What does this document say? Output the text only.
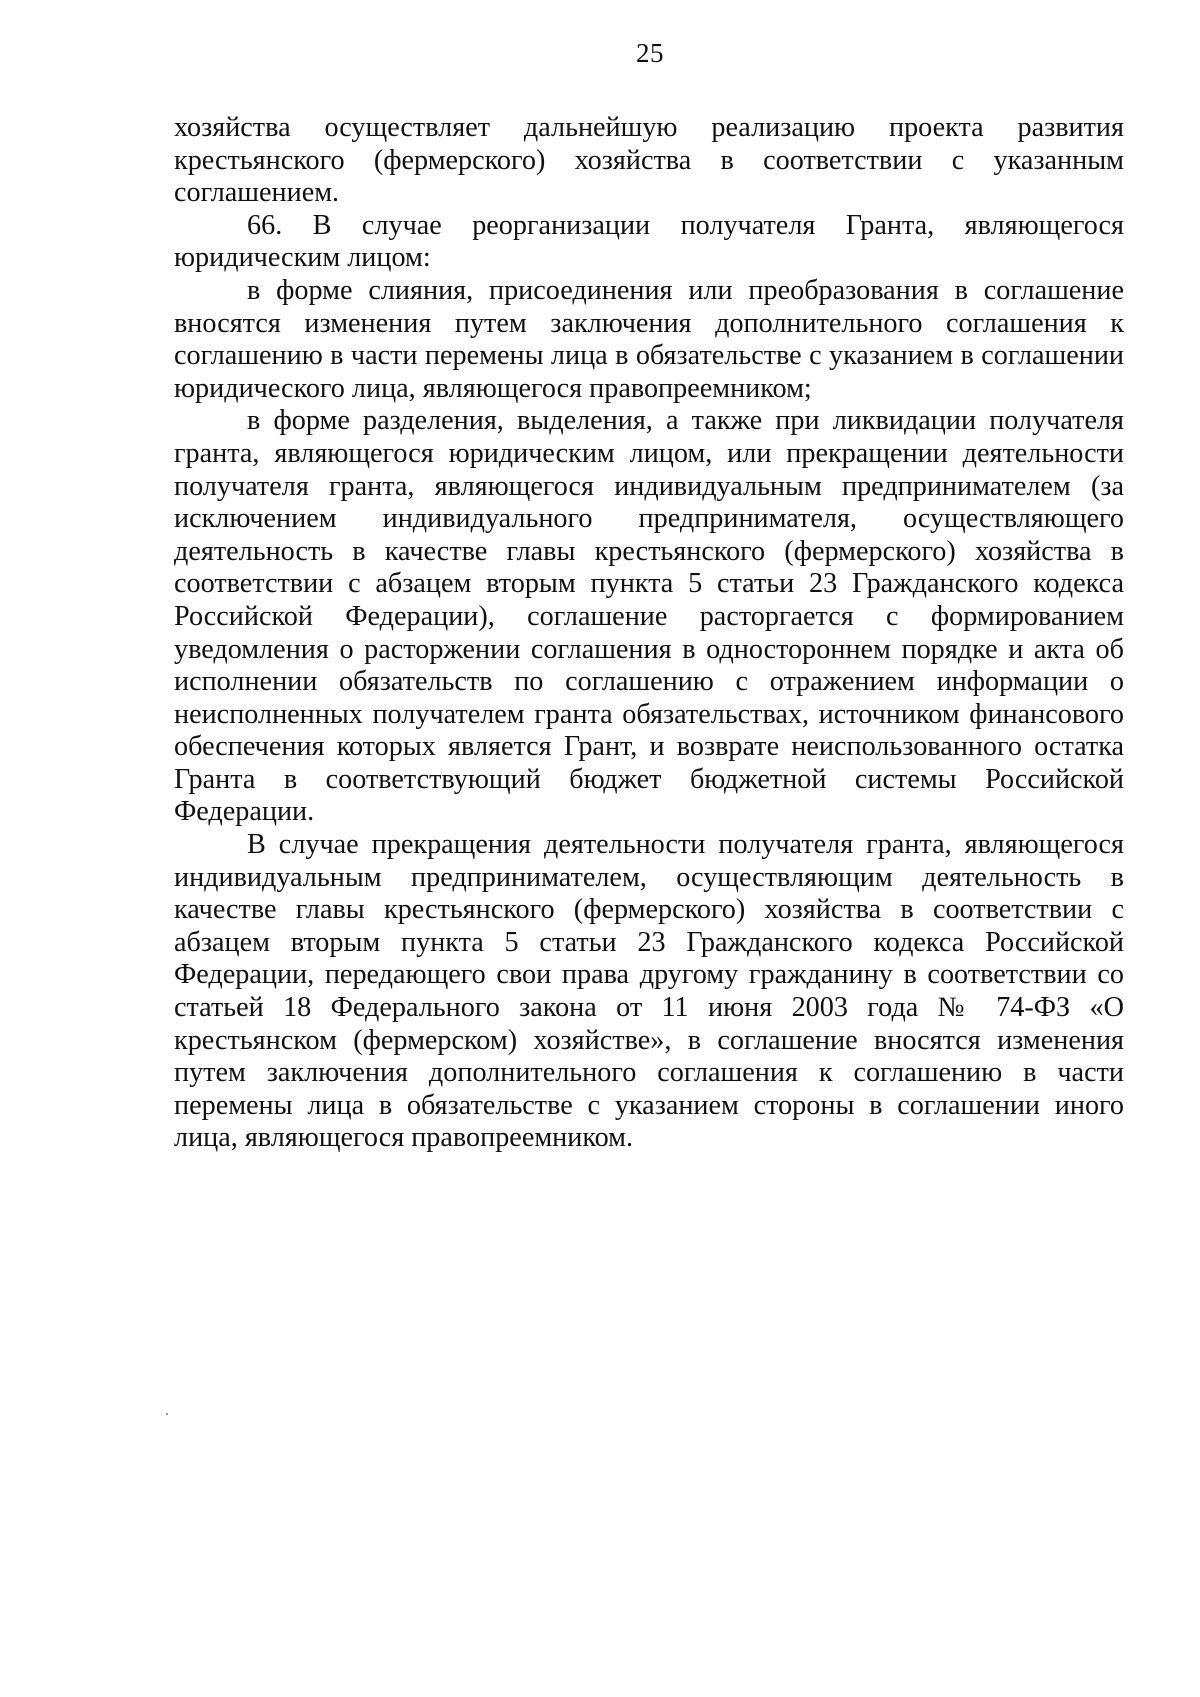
25

хозяйства осуществляет дальнейшую реализацию проекта развития крестьянского (фермерского) хозяйства в соответствии с указанным соглашением.

66. В случае реорганизации получателя Гранта, являющегося юридическим лицом:

в форме слияния, присоединения или преобразования в соглашение вносятся изменения путем заключения дополнительного соглашения к соглашению в части перемены лица в обязательстве с указанием в соглашении юридического лица, являющегося правопреемником;

в форме разделения, выделения, а также при ликвидации получателя гранта, являющегося юридическим лицом, или прекращении деятельности получателя гранта, являющегося индивидуальным предпринимателем (за исключением индивидуального предпринимателя, осуществляющего деятельность в качестве главы крестьянского (фермерского) хозяйства в соответствии с абзацем вторым пункта 5 статьи 23 Гражданского кодекса Российской Федерации), соглашение расторгается с формированием уведомления о расторжении соглашения в одностороннем порядке и акта об исполнении обязательств по соглашению с отражением информации о неисполненных получателем гранта обязательствах, источником финансового обеспечения которых является Грант, и возврате неиспользованного остатка Гранта в соответствующий бюджет бюджетной системы Российской Федерации.

В случае прекращения деятельности получателя гранта, являющегося индивидуальным предпринимателем, осуществляющим деятельность в качестве главы крестьянского (фермерского) хозяйства в соответствии с абзацем вторым пункта 5 статьи 23 Гражданского кодекса Российской Федерации, передающего свои права другому гражданину в соответствии со статьей 18 Федерального закона от 11 июня 2003 года № 74-ФЗ «О крестьянском (фермерском) хозяйстве», в соглашение вносятся изменения путем заключения дополнительного соглашения к соглашению в части перемены лица в обязательстве с указанием стороны в соглашении иного лица, являющегося правопреемником.
